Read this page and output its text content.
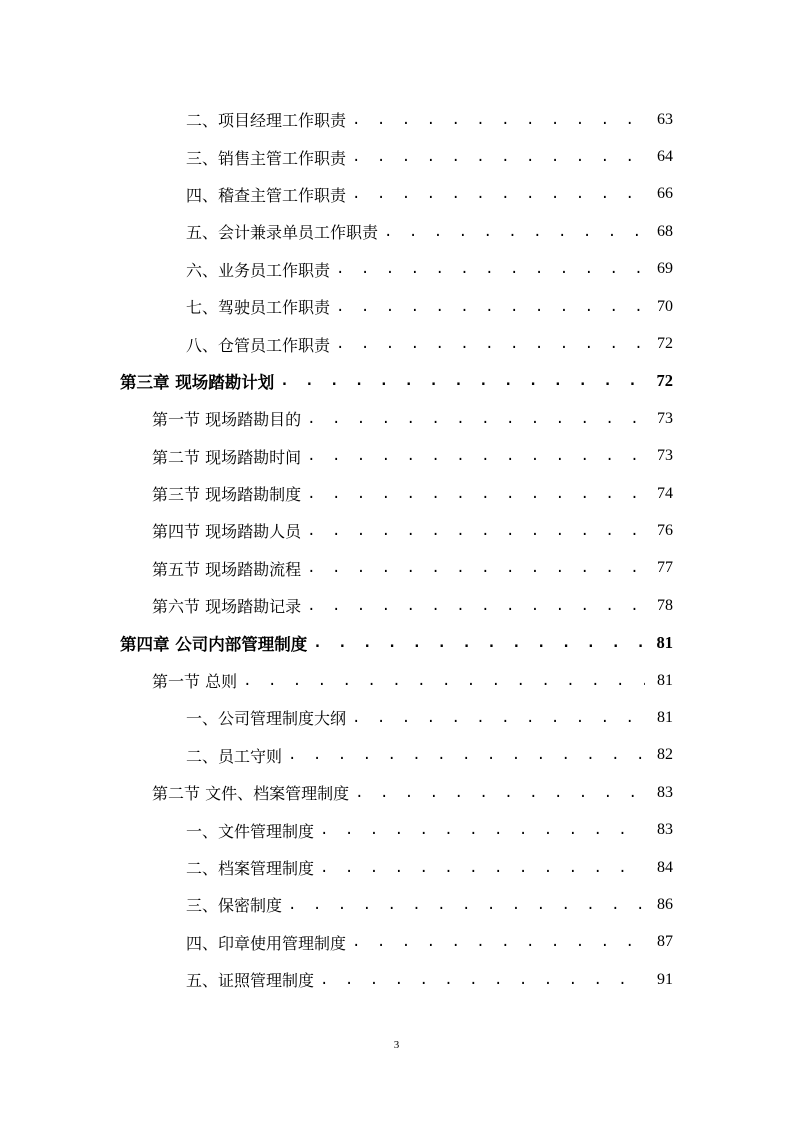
二、项目经理工作职责 . . .	63
三、销售主管工作职责 . . .	64
四、稽查主管工作职责 . . .	66
五、会计兼录单员工作职责 . . .	68
六、业务员工作职责 . . .	69
七、驾驶员工作职责 . . .	70
八、仓管员工作职责 . . .	72
第三章 现场踏勘计划 . . .	72
第一节 现场踏勘目的 . . .	73
第二节 现场踏勘时间 . . .	73
第三节 现场踏勘制度 . . .	74
第四节 现场踏勘人员 . . .	76
第五节 现场踏勘流程 . . .	77
第六节 现场踏勘记录 . . .	78
第四章 公司内部管理制度 . . .	81
第一节 总则 . . .	81
一、公司管理制度大纲 . . .	81
二、员工守则 . . .	82
第二节 文件、档案管理制度 . . .	83
一、文件管理制度 . . .	83
二、档案管理制度 . . .	84
三、保密制度 . . .	86
四、印章使用管理制度 . . .	87
五、证照管理制度 . . .	91
3
